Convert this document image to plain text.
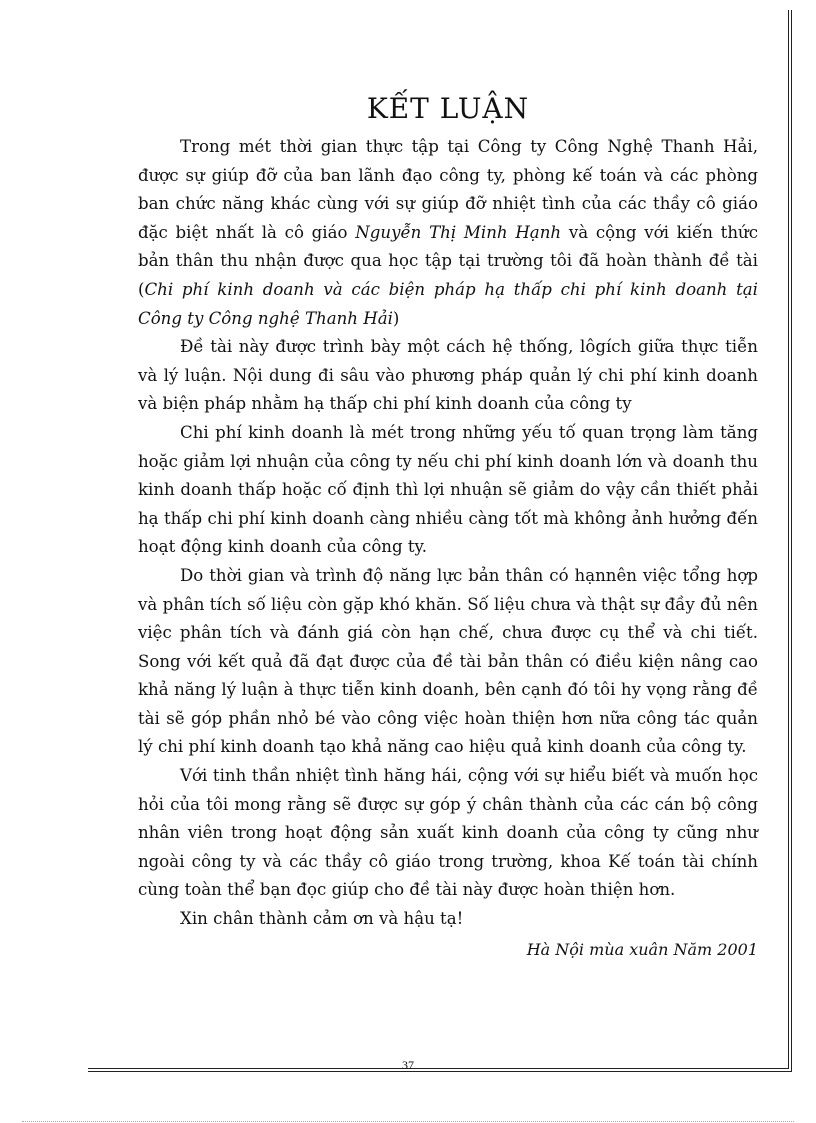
KẾT LUẬN

Trong mét thời gian thực tập tại Công ty Công Nghệ Thanh Hải, được sự giúp đỡ của ban lãnh đạo công ty, phòng kế toán và các phòng ban chức năng khác cùng với sự giúp đỡ nhiệt tình của các thầy cô giáo đặc biệt nhất là cô giáo Nguyễn Thị Minh Hạnh và cộng với kiến thức bản thân thu nhận được qua học tập tại trường tôi đã hoàn thành đề tài (Chi phí kinh doanh và các biện pháp hạ thấp chi phí kinh doanh tại Công ty Công nghệ Thanh Hải)

Đề tài này được trình bày một cách hệ thống, lôgích giữa thực tiễn và lý luận. Nội dung đi sâu vào phương pháp quản lý chi phí kinh doanh và biện pháp nhằm hạ thấp chi phí kinh doanh của công ty

Chi phí kinh doanh là mét trong những yếu tố quan trọng làm tăng hoặc giảm lợi nhuận của công ty nếu chi phí kinh doanh lớn và doanh thu kinh doanh thấp hoặc cố định thì lợi nhuận sẽ giảm do vậy cần thiết phải hạ thấp chi phí kinh doanh càng nhiều càng tốt mà không ảnh hưởng đến hoạt động kinh doanh của công ty.

Do thời gian và trình độ năng lực bản thân có hạnnên việc tổng hợp và phân tích số liệu còn gặp khó khăn. Số liệu chưa và thật sự đầy đủ nên việc phân tích và đánh giá còn hạn chế, chưa được cụ thể và chi tiết. Song với kết quả đã đạt được của đề tài bản thân có điều kiện nâng cao khả năng lý luận à thực tiễn kinh doanh, bên cạnh đó tôi hy vọng rằng đề tài sẽ góp phần nhỏ bé vào công việc hoàn thiện hơn nữa công tác quản lý chi phí kinh doanh tạo khả năng cao hiệu quả kinh doanh của công ty.

Với tinh thần nhiệt tình hăng hái, cộng với sự hiểu biết và muốn học hỏi của tôi mong rằng sẽ được sự góp ý chân thành của các cán bộ công nhân viên trong hoạt động sản xuất kinh doanh của công ty cũng như ngoài công ty và các thầy cô giáo trong trường, khoa Kế toán tài chính cùng toàn thể bạn đọc giúp cho đề tài này được hoàn thiện hơn.

Xin chân thành cảm ơn và hậu tạ!

Hà Nội mùa xuân Năm 2001
37
